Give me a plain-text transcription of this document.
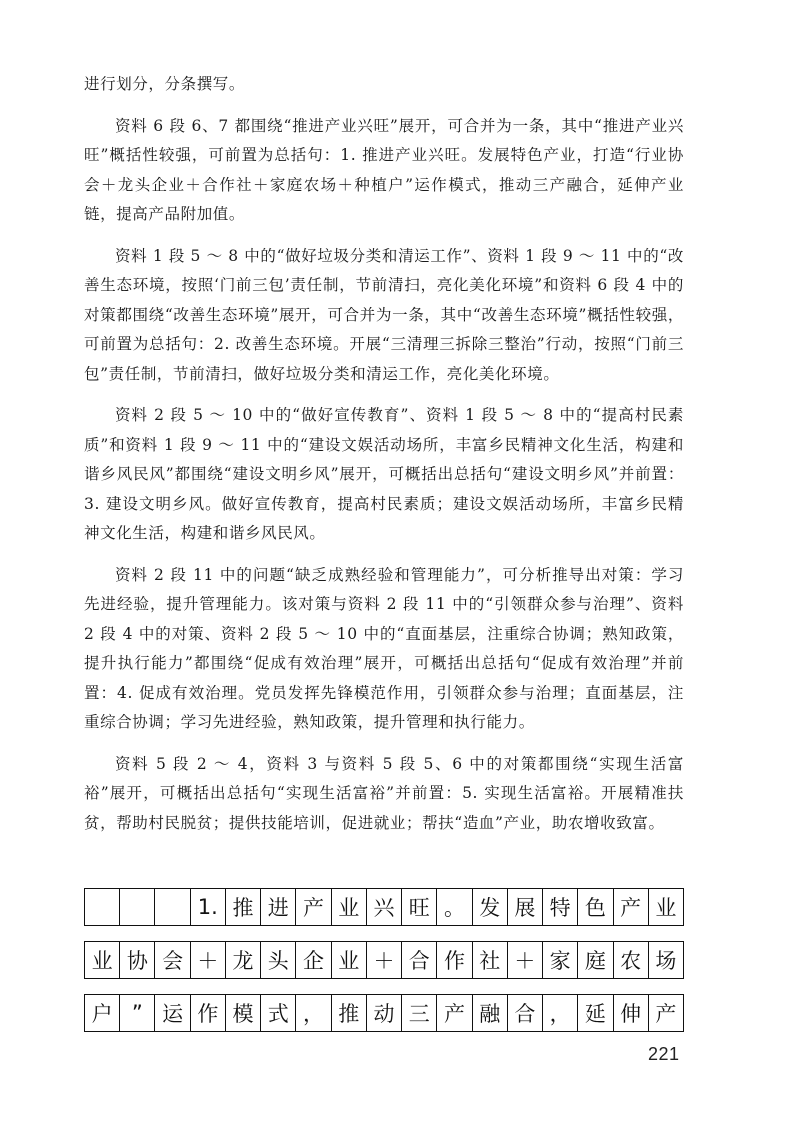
进行划分，分条撰写。

资料 6 段 6、7 都围绕“推进产业兴旺”展开，可合并为一条，其中“推进产业兴旺”概括性较强，可前置为总括句：1. 推进产业兴旺。发展特色产业，打造“行业协会＋龙头企业＋合作社＋家庭农场＋种植户”运作模式，推动三产融合，延伸产业链，提高产品附加值。

资料 1 段 5 ～ 8 中的“做好垃圾分类和清运工作”、资料 1 段 9 ～ 11 中的“改善生态环境，按照‘门前三包’责任制，节前清扫，亮化美化环境”和资料 6 段 4 中的对策都围绕“改善生态环境”展开，可合并为一条，其中“改善生态环境”概括性较强，可前置为总括句：2. 改善生态环境。开展“三清理三拆除三整治”行动，按照“门前三包”责任制，节前清扫，做好垃圾分类和清运工作，亮化美化环境。

资料 2 段 5 ～ 10 中的“做好宣传教育”、资料 1 段 5 ～ 8 中的“提高村民素质”和资料 1 段 9 ～ 11 中的“建设文娱活动场所，丰富乡民精神文化生活，构建和谐乡风民风”都围绕“建设文明乡风”展开，可概括出总括句“建设文明乡风”并前置：3. 建设文明乡风。做好宣传教育，提高村民素质；建设文娱活动场所，丰富乡民精神文化生活，构建和谐乡风民风。

资料 2 段 11 中的问题“缺乏成熟经验和管理能力”，可分析推导出对策：学习先进经验，提升管理能力。该对策与资料 2 段 11 中的“引领群众参与治理”、资料 2 段 4 中的对策、资料 2 段 5 ～ 10 中的“直面基层，注重综合协调；熟知政策，提升执行能力”都围绕“促成有效治理”展开，可概括出总括句“促成有效治理”并前置：4. 促成有效治理。党员发挥先锋模范作用，引领群众参与治理；直面基层，注重综合协调；学习先进经验，熟知政策，提升管理和执行能力。

资料 5 段 2 ～ 4，资料 3 与资料 5 段 5、6 中的对策都围绕“实现生活富裕”展开，可概括出总括句“实现生活富裕”并前置：5. 实现生活富裕。开展精准扶贫，帮助村民脱贫；提供技能培训，促进就业；帮扶“造血”产业，助农增收致富。

1. 推 进 产 业 兴 旺 。 发 展 特 色 产 业
业 协 会 ＋ 龙 头 企 业 ＋ 合 作 社 ＋ 家 庭 农 场
户 ” 运 作 模 式 ， 推 动 三 产 融 合 ， 延 伸 产
221
